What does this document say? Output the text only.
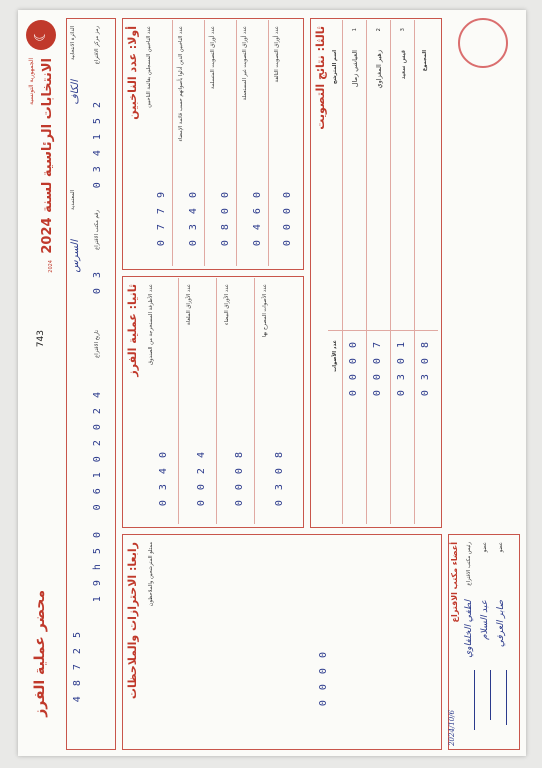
☾
الجمهورية التونسية
الانتخابات الرئاسية لسنة 2024
2024
743
محضر عملية الفرز
الدائرة الانتخابية
الكاف
المعتمدية
السرس
رمز مركز الاقتراع
0 3 4 1 5 2
رقم مكتب الاقتراع
0 3
تاريخ الاقتراع
0 6 1 0 2 0 2 4
1 9 h 5 0
4 8 7 2 5
أولا: عدد الناخبين عدد الناخبين المسجلين بقائمة الناخبين
0 7 7 9
عدد الناخبين الذين أدلوا بأصواتهم حسب قائمة الإمضاء
0 3 4 0
عدد أوراق التصويت المتسلمة
0 8 0 0
عدد أوراق التصويت غير المستعملة
0 4 6 0
عدد أوراق التصويت التالفة
0 0 0 0
ثانيا: عملية الفرز عدد الأظرفة المستخرجة من الصندوق
0 3 4 0
عدد الأوراق الملغاة
0 0 2 4
عدد الأوراق البيضاء
0 0 0 8
عدد الأصوات المصرح بها
0 3 0 8
ثالثا: نتائج التصويت اسم المترشح
عدد الأصوات
1
العياشي زمال
0 0 0 0
2
زهير المغزاوي
0 0 0 7
3
قيس سعيد
0 3 0 1
المجموع
0 3 0 8
رابعا: الاحترازات والملاحظات ممثلو المترشحين والملاحظون
0 0 0 0
أعضاء مكتب الاقتراع رئيس مكتب الاقتراع
لطفي الخلفاوي
عضو
عبد السلام
عضو
صابر العرفي
2024/10/6
